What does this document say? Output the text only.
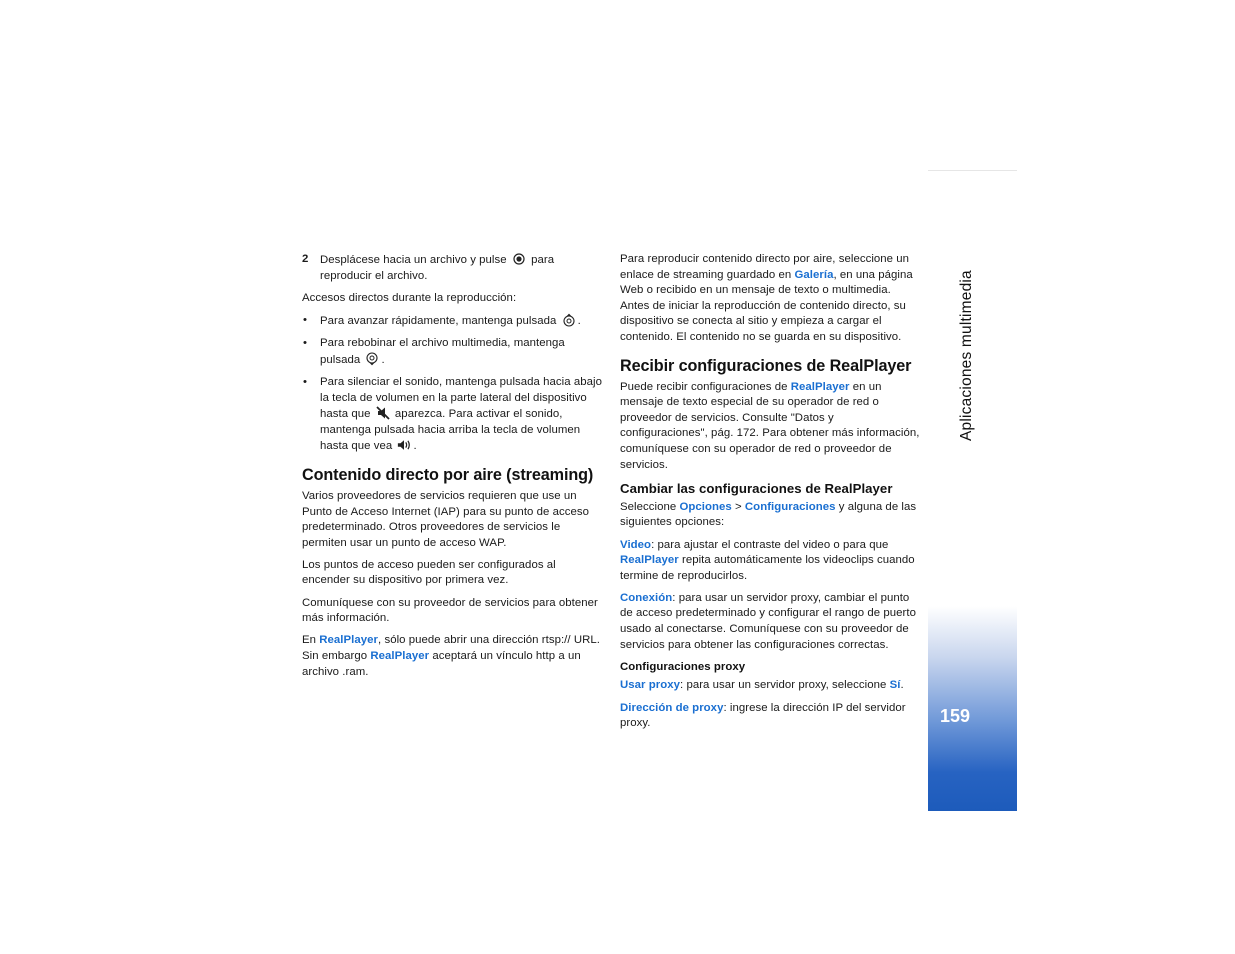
2 Desplácese hacia un archivo y pulse para reproducir el archivo.

Accesos directos durante la reproducción:

• Para avanzar rápidamente, mantenga pulsada .
• Para rebobinar el archivo multimedia, mantenga pulsada .
• Para silenciar el sonido, mantenga pulsada hacia abajo la tecla de volumen en la parte lateral del dispositivo hasta que aparezca. Para activar el sonido, mantenga pulsada hacia arriba la tecla de volumen hasta que vea .
Contenido directo por aire (streaming)

Varios proveedores de servicios requieren que use un Punto de Acceso Internet (IAP) para su punto de acceso predeterminado. Otros proveedores de servicios le permiten usar un punto de acceso WAP.

Los puntos de acceso pueden ser configurados al encender su dispositivo por primera vez.

Comuníquese con su proveedor de servicios para obtener más información.

En RealPlayer, sólo puede abrir una dirección rtsp:// URL. Sin embargo RealPlayer aceptará un vínculo http a un archivo .ram.

Para reproducir contenido directo por aire, seleccione un enlace de streaming guardado en Galería, en una página Web o recibido en un mensaje de texto o multimedia. Antes de iniciar la reproducción de contenido directo, su dispositivo se conecta al sitio y empieza a cargar el contenido. El contenido no se guarda en su dispositivo.

Recibir configuraciones de RealPlayer

Puede recibir configuraciones de RealPlayer en un mensaje de texto especial de su operador de red o proveedor de servicios. Consulte "Datos y configuraciones", pág. 172. Para obtener más información, comuníquese con su operador de red o proveedor de servicios.

Cambiar las configuraciones de RealPlayer

Seleccione Opciones > Configuraciones y alguna de las siguientes opciones:

Video: para ajustar el contraste del video o para que RealPlayer repita automáticamente los videoclips cuando termine de reproducirlos.

Conexión: para usar un servidor proxy, cambiar el punto de acceso predeterminado y configurar el rango de puerto usado al conectarse. Comuníquese con su proveedor de servicios para obtener las configuraciones correctas.

Configuraciones proxy

Usar proxy: para usar un servidor proxy, seleccione Sí.

Dirección de proxy: ingrese la dirección IP del servidor proxy.

Aplicaciones multimedia
159
